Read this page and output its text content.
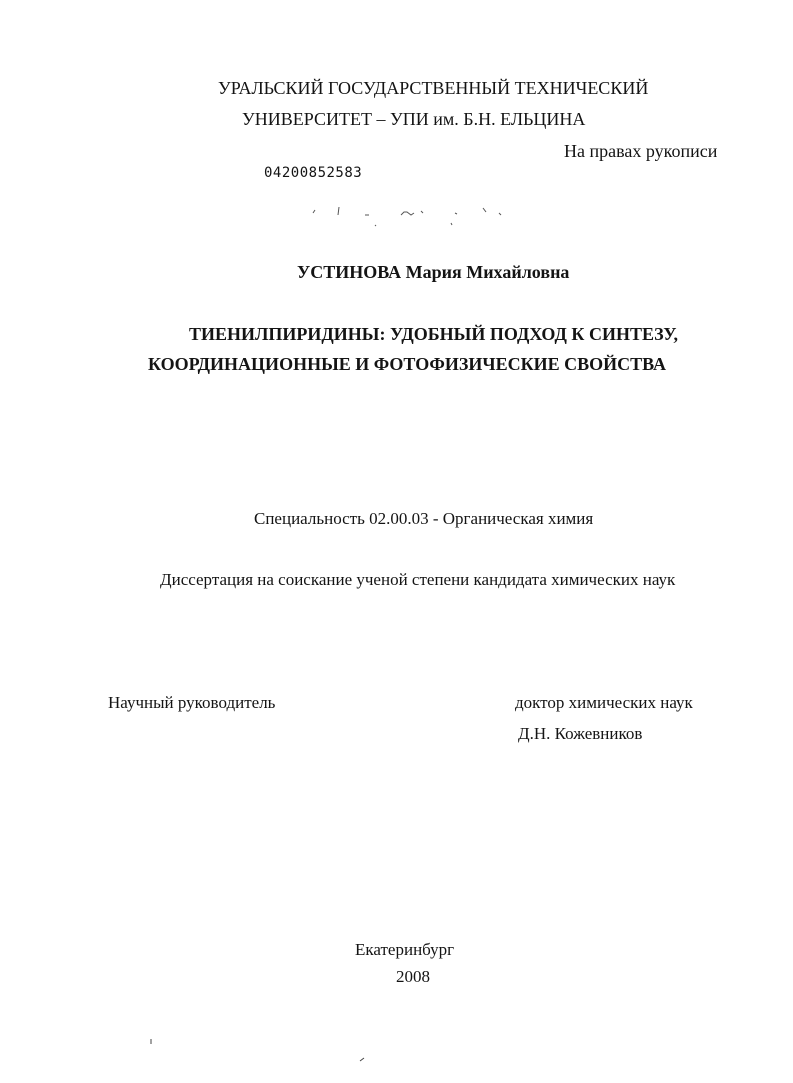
УРАЛЬСКИЙ ГОСУДАРСТВЕННЫЙ ТЕХНИЧЕСКИЙ
УНИВЕРСИТЕТ – УПИ им. Б.Н. ЕЛЬЦИНА
На правах рукописи
04200852583
УСТИНОВА Мария Михайловна
ТИЕНИЛПИРИДИНЫ: УДОБНЫЙ ПОДХОД К СИНТЕЗУ,
КООРДИНАЦИОННЫЕ И ФОТОФИЗИЧЕСКИЕ СВОЙСТВА
Специальность 02.00.03 - Органическая химия
Диссертация на соискание ученой степени кандидата химических наук
Научный руководитель	доктор химических наук
Д.Н. Кожевников
Екатеринбург
2008
